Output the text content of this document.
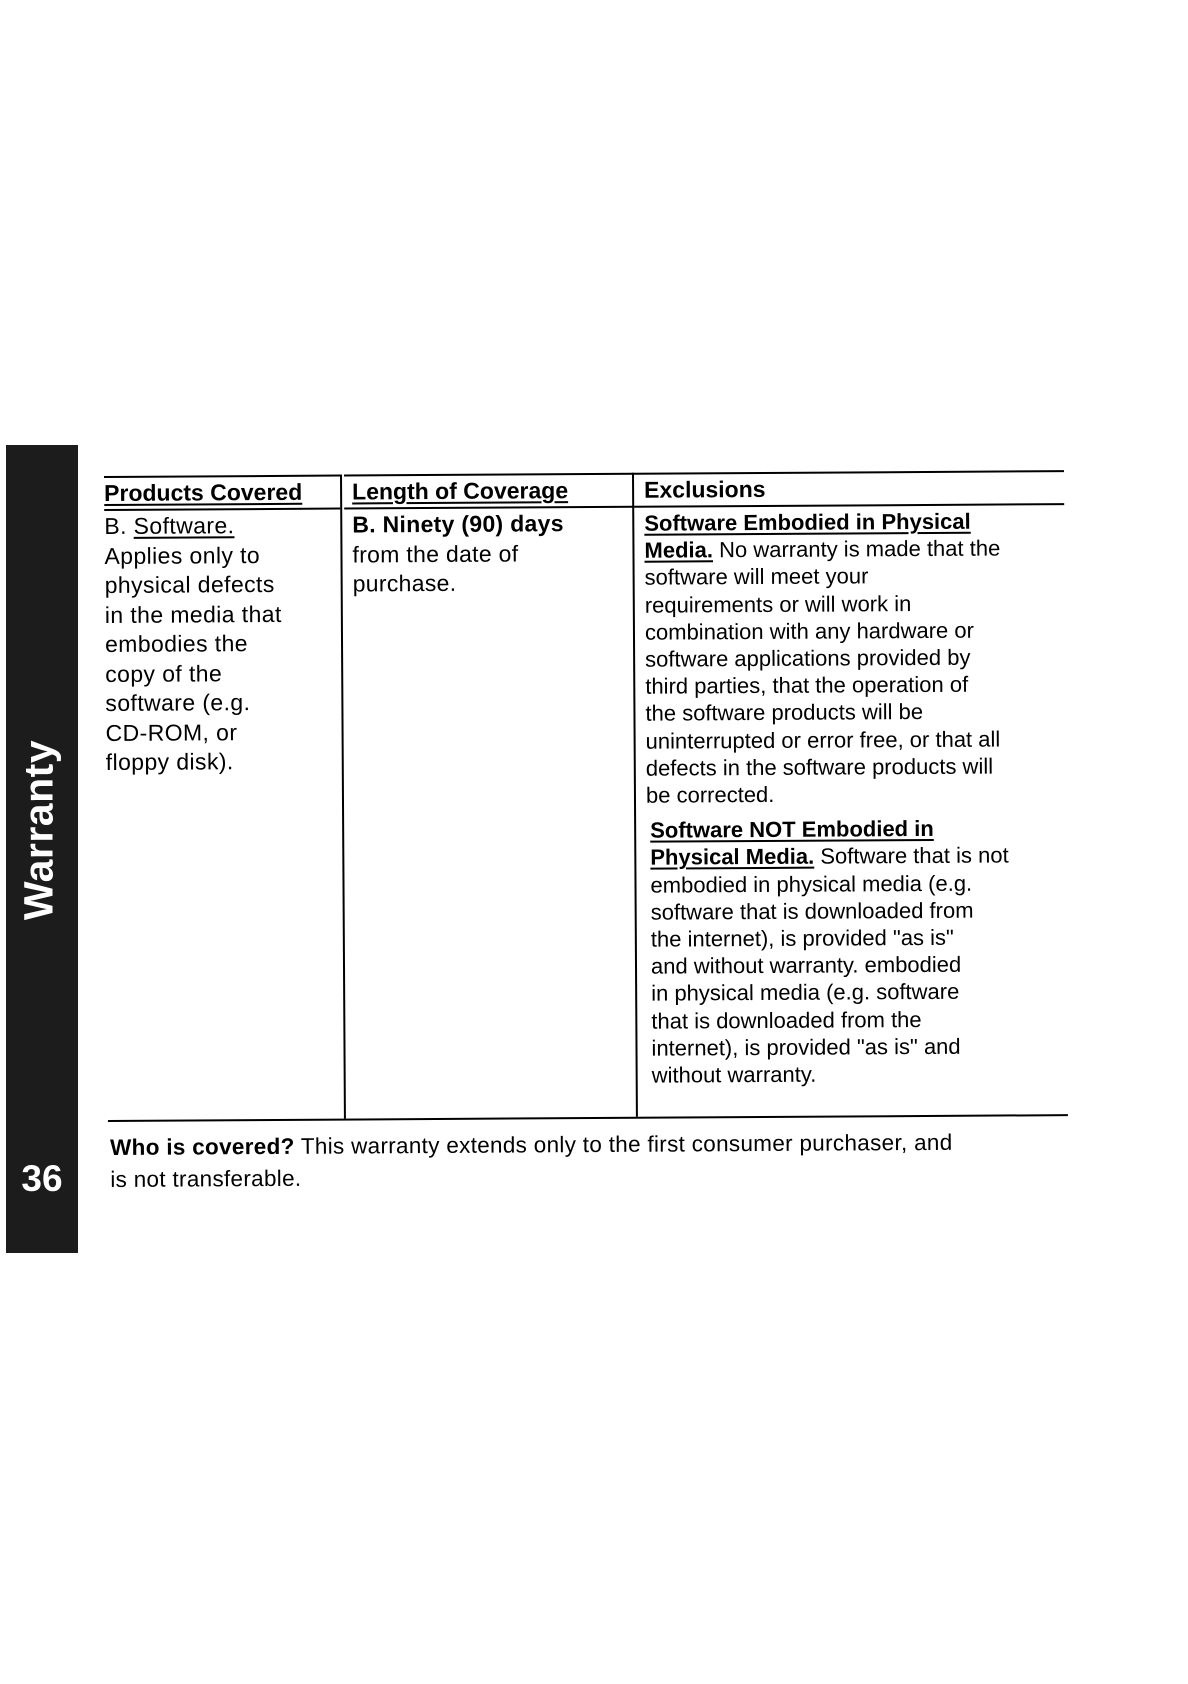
Warranty
36
Products Covered
B. Software.
Applies only to
physical defects
in the media that
embodies the
copy of the
software (e.g.
CD-ROM, or
floppy disk).
Length of Coverage
B. Ninety (90) days
from the date of
purchase.
Exclusions
Software Embodied in Physical
Media. No warranty is made that the
software will meet your
requirements or will work in
combination with any hardware or
software applications provided by
third parties, that the operation of
the software products will be
uninterrupted or error free, or that all
defects in the software products will
be corrected.
Software NOT Embodied in
Physical Media. Software that is not
embodied in physical media (e.g.
software that is downloaded from
the internet), is provided "as is"
and without warranty. embodied
in physical media (e.g. software
that is downloaded from the
internet), is provided "as is" and
without warranty.
Who is covered? This warranty extends only to the first consumer purchaser, and
is not transferable.
